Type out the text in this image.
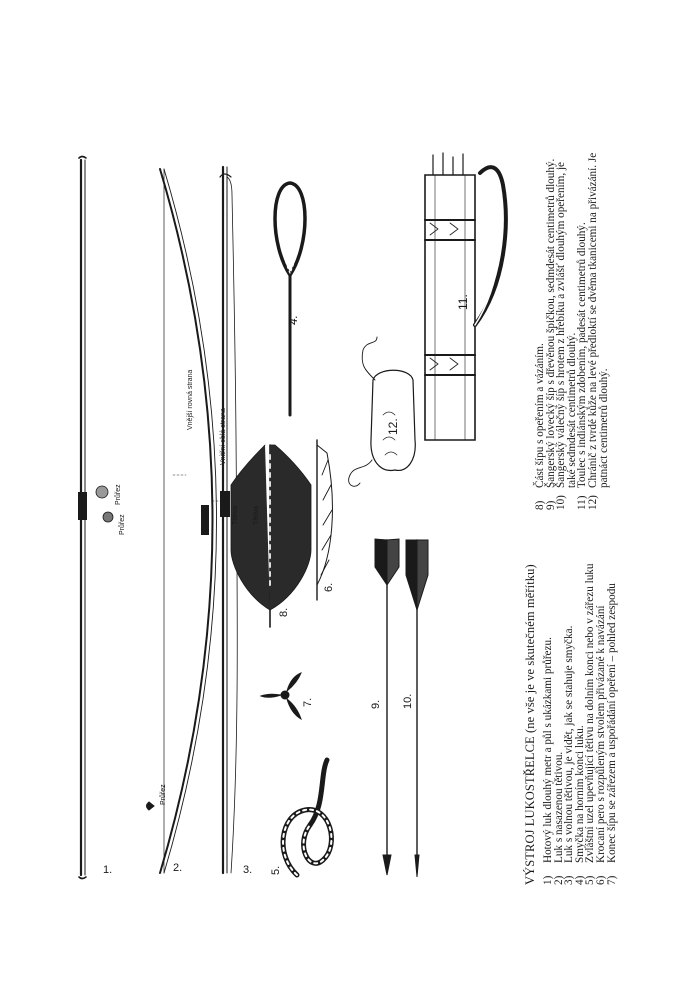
1.	2.	3.
4.
5.
6.
7.
8.
9. 10.
11.
12.
Průřez
Průřez
Průřez
Vnější rovná strana
Vnitřní oblá strana
Tětiva Tětiva
VÝSTROJ LUKOSTŘELCE (ne vše je ve skutečném měřítku) 1)
Hotový luk dlouhý metr a půl s ukázkami průřezu.
2)
Luk s nasazenou tětivou.
3)
Luk s volnou tětivou, je vidět, jak se stahuje smyčka.
4)
Smyčka na horním konci luku.
5)
Zvláštní uzel upevňující tětivu na dolním konci nebo v zářezu luku
6)
Krocaní pero s rozpůleným stvolem přivázané k navázání
7)
Konec šípu se zářezem a uspořádání opeření – pohled zespodu
8)
Část šípu s opeřením a vázáním.
9)
Šangerský lovecký šíp s dřevěnou špičkou, sedmdesát centimetrů dlouhý.
10)
Šangerský válečný šíp s hrotem z hřebíku a zvlášť dlouhým opeřením, je také sedmdesát centimetrů dlouhý.
11)
Toulec s indiánským zdobením, padesát centimetrů dlouhý.
12)
Chránič z tvrdé kůže na levé předloktí se dvěma tkanicemi na přivázání. Je patnáct centimetrů dlouhý.
